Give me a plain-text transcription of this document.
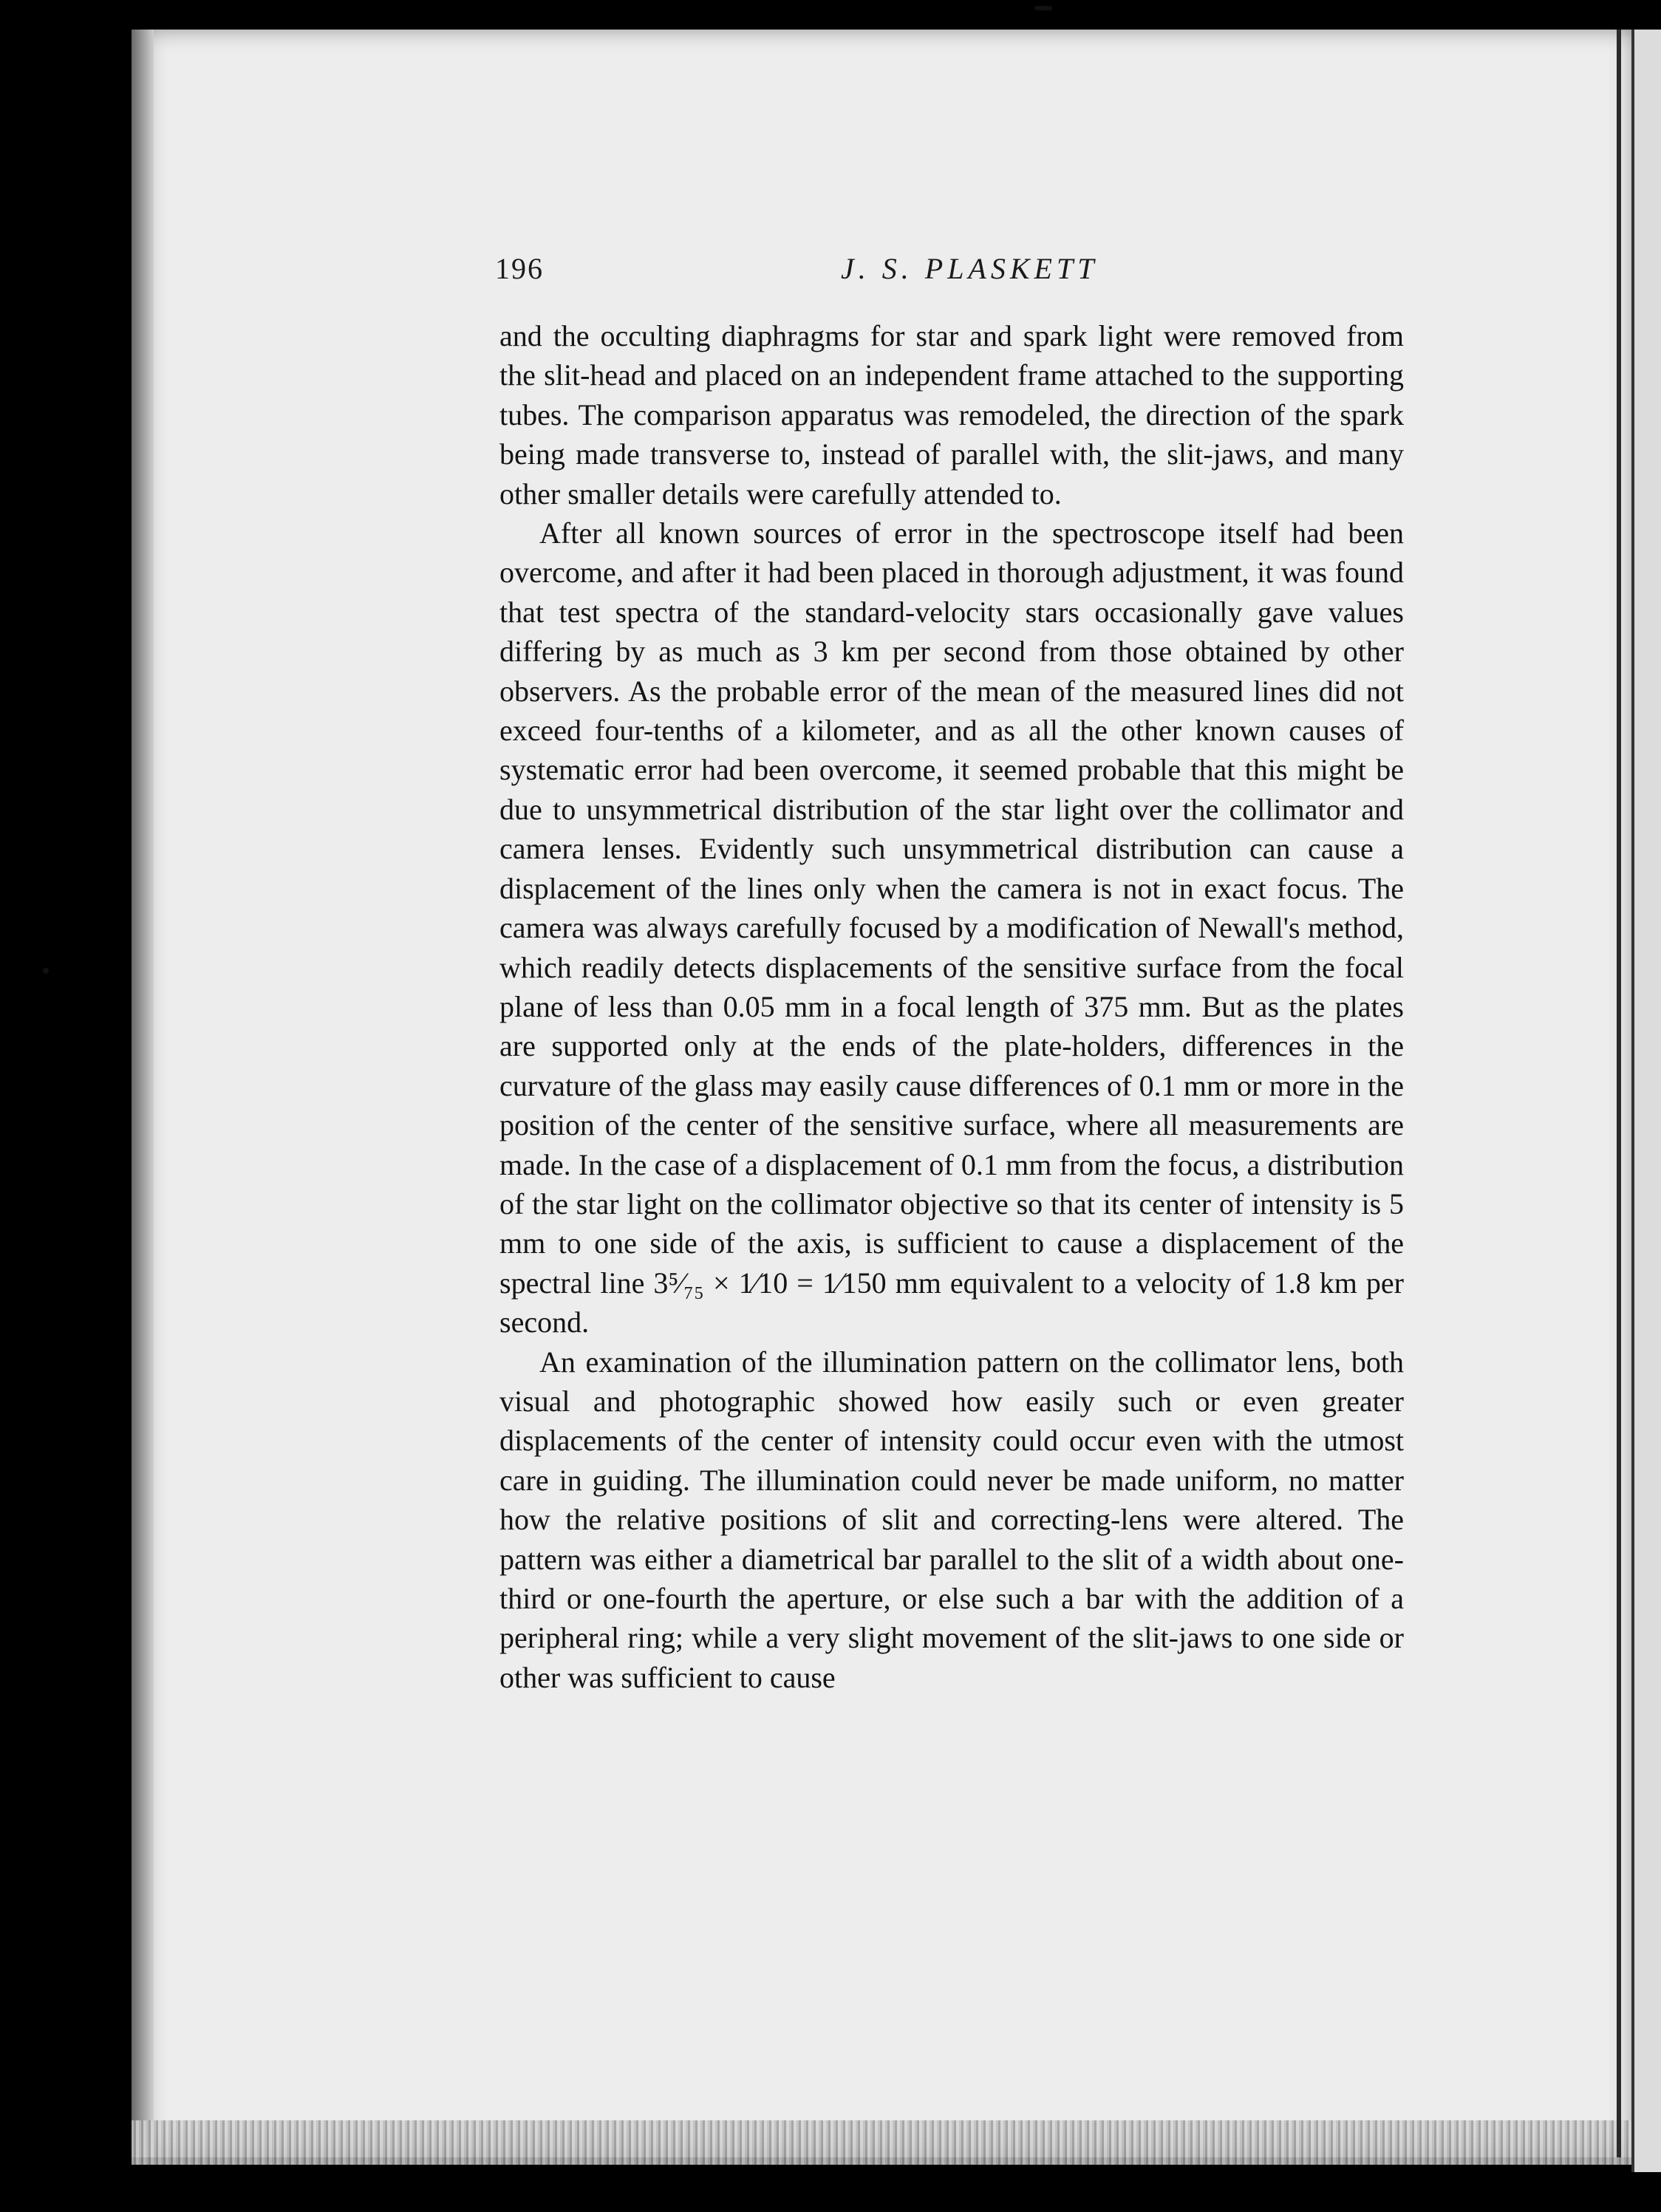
196	J. S. PLASKETT

and the occulting diaphragms for star and spark light were removed from the slit-head and placed on an independent frame attached to the supporting tubes. The comparison apparatus was remodeled, the direction of the spark being made transverse to, instead of parallel with, the slit-jaws, and many other smaller details were carefully attended to.

After all known sources of error in the spectroscope itself had been overcome, and after it had been placed in thorough adjustment, it was found that test spectra of the standard-velocity stars occasionally gave values differing by as much as 3 km per second from those obtained by other observers. As the probable error of the mean of the measured lines did not exceed four-tenths of a kilometer, and as all the other known causes of systematic error had been overcome, it seemed probable that this might be due to unsymmetrical distribution of the star light over the collimator and camera lenses. Evidently such unsymmetrical distribution can cause a displacement of the lines only when the camera is not in exact focus. The camera was always carefully focused by a modification of Newall's method, which readily detects displacements of the sensitive surface from the focal plane of less than 0.05 mm in a focal length of 375 mm. But as the plates are supported only at the ends of the plate-holders, differences in the curvature of the glass may easily cause differences of 0.1 mm or more in the position of the center of the sensitive surface, where all measurements are made. In the case of a displacement of 0.1 mm from the focus, a distribution of the star light on the collimator objective so that its center of intensity is 5 mm to one side of the axis, is sufficient to cause a displacement of the spectral line 3⁵⁄₇₅ × 1⁄10 = 1⁄150 mm equivalent to a velocity of 1.8 km per second.

An examination of the illumination pattern on the collimator lens, both visual and photographic showed how easily such or even greater displacements of the center of intensity could occur even with the utmost care in guiding. The illumination could never be made uniform, no matter how the relative positions of slit and correcting-lens were altered. The pattern was either a diametrical bar parallel to the slit of a width about one-third or one-fourth the aperture, or else such a bar with the addition of a peripheral ring; while a very slight movement of the slit-jaws to one side or other was sufficient to cause
